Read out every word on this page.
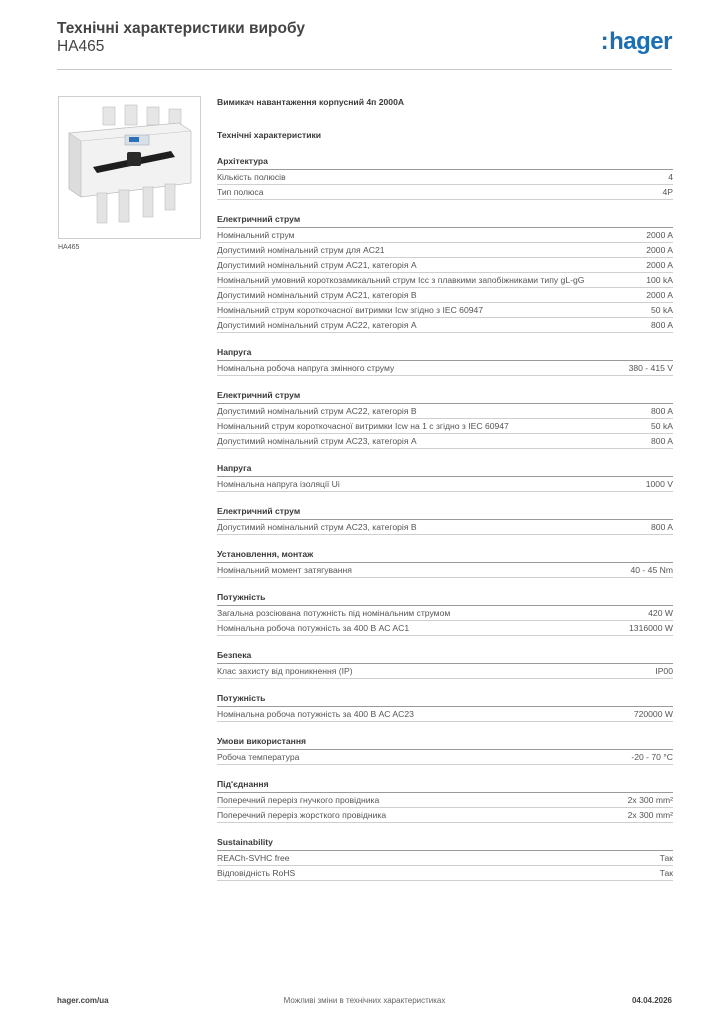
Технічні характеристики виробу
HA465	:hager
HA465
Вимикач навантаження корпусний 4п 2000А
Технічні характеристики
Архітектура
Кількість полюсів	4
Тип полюса	4P
Електричний струм
Номінальний струм	2000 A
Допустимий номінальний струм для AC21	2000 A
Допустимий номінальний струм AC21, категорія A	2000 A
Номінальний умовний короткозамикальний струм Icc з плавкими запобіжниками типу gL-gG	100 kA
Допустимий номінальний струм AC21, категорія B	2000 A
Номінальний струм короткочасної витримки Icw згідно з IEC 60947	50 kA
Допустимий номінальний струм AC22, категорія A	800 A
Напруга
Номінальна робоча напруга змінного струму	380 - 415 V
Електричний струм
Допустимий номінальний струм AC22, категорія B	800 A
Номінальний струм короткочасної витримки Icw на 1 с згідно з IEC 60947	50 kA
Допустимий номінальний струм AC23, категорія A	800 A
Напруга
Номінальна напруга ізоляції Ui	1000 V
Електричний струм
Допустимий номінальний струм AC23, категорія B	800 A
Установлення, монтаж
Номінальний момент затягування	40 - 45 Nm
Потужність
Загальна розсіювана потужність під номінальним струмом	420 W
Номінальна робоча потужність за 400 В AC AC1	1316000 W
Безпека
Клас захисту від проникнення (IP)	IP00
Потужність
Номінальна робоча потужність за 400 В AC AC23	720000 W
Умови використання
Робоча температура	-20 - 70 °C
Під'єднання
Поперечний переріз гнучкого провідника	2x 300 mm²
Поперечний переріз жорсткого провідника	2x 300 mm²
Sustainability
REACh-SVHC free	Так
Відповідність RoHS	Так
hager.com/ua	Можливі зміни в технічних характеристиках	04.04.2026
